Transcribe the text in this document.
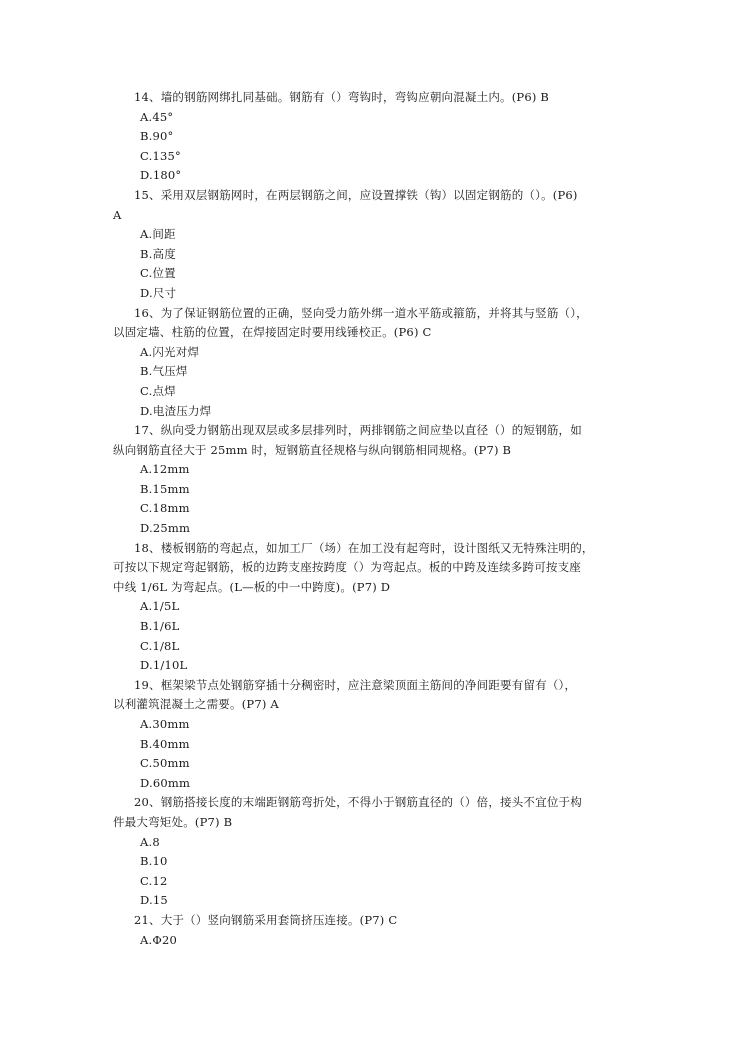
14、墙的钢筋网绑扎同基础。钢筋有（）弯钩时，弯钩应朝向混凝土内。(P6) B
A.45°
B.90°
C.135°
D.180°
15、采用双层钢筋网时，在两层钢筋之间，应设置撑铁（钩）以固定钢筋的（）。(P6)
A
A.间距
B.高度
C.位置
D.尺寸
16、为了保证钢筋位置的正确，竖向受力筋外绑一道水平筋或箍筋，并将其与竖筋（），
以固定墙、柱筋的位置，在焊接固定时要用线锤校正。(P6) C
A.闪光对焊
B.气压焊
C.点焊
D.电渣压力焊
17、纵向受力钢筋出现双层或多层排列时，两排钢筋之间应垫以直径（）的短钢筋，如
纵向钢筋直径大于 25mm 时，短钢筋直径规格与纵向钢筋相同规格。(P7) B
A.12mm
B.15mm
C.18mm
D.25mm
18、楼板钢筋的弯起点，如加工厂（场）在加工没有起弯时，设计图纸又无特殊注明的，
可按以下规定弯起钢筋，板的边跨支座按跨度（）为弯起点。板的中跨及连续多跨可按支座
中线 1/6L 为弯起点。(L—板的中一中跨度)。(P7) D
A.1/5L
B.1/6L
C.1/8L
D.1/10L
19、框架梁节点处钢筋穿插十分稠密时，应注意梁顶面主筋间的净间距要有留有（），
以利灌筑混凝土之需要。(P7) A
A.30mm
B.40mm
C.50mm
D.60mm
20、钢筋搭接长度的末端距钢筋弯折处，不得小于钢筋直径的（）倍，接头不宜位于构
件最大弯矩处。(P7) B
A.8
B.10
C.12
D.15
21、大于（）竖向钢筋采用套筒挤压连接。(P7) C
A.Φ20
